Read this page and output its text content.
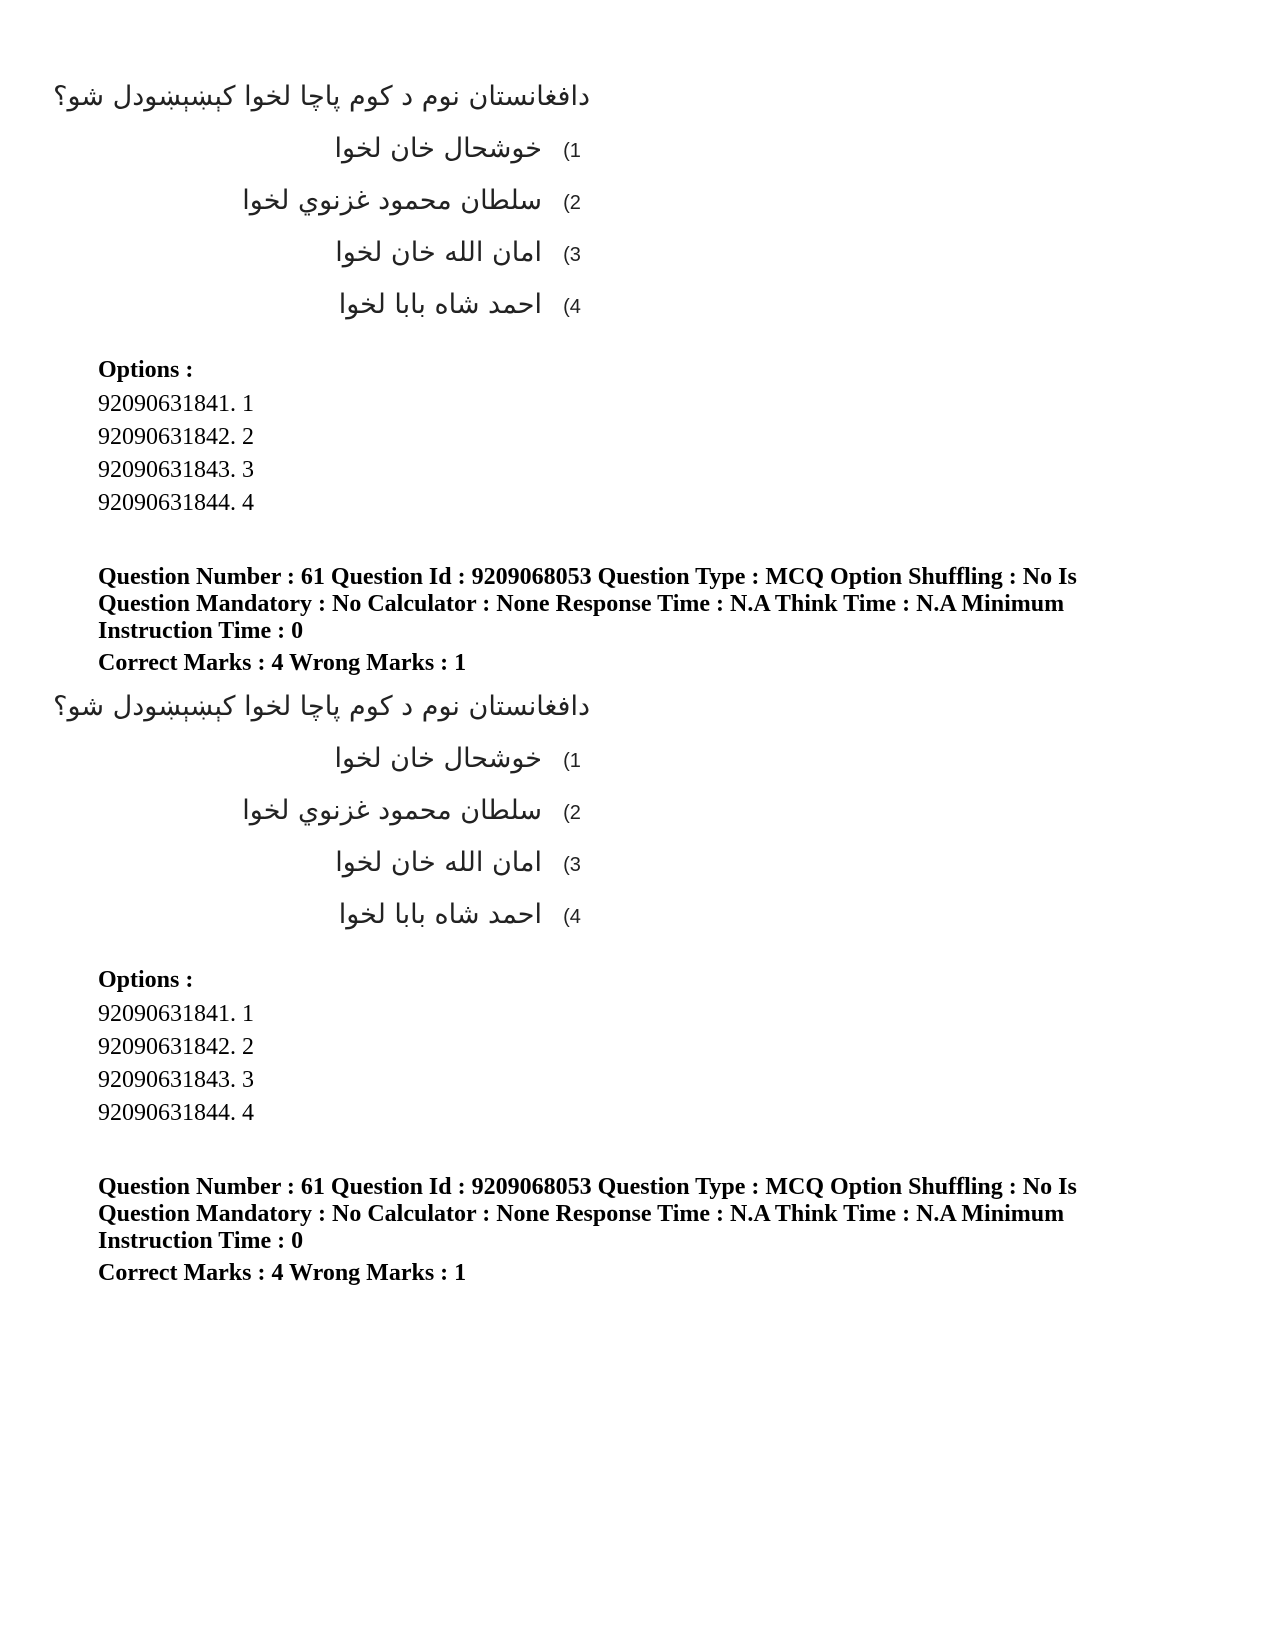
دافغانستان نوم د کوم پاچا لخوا کېښېښودل شو؟
(1خوشحال خان لخوا
(2سلطان محمود غزنوي لخوا
(3امان الله خان لخوا
(4احمد شاه بابا لخوا
Options :
92090631841. 1
92090631842. 2
92090631843. 3
92090631844. 4
Question Number : 61 Question Id : 9209068053 Question Type : MCQ Option Shuffling : No Is
Question Mandatory : No Calculator : None Response Time : N.A Think Time : N.A Minimum
Instruction Time : 0
Correct Marks : 4 Wrong Marks : 1
دافغانستان نوم د کوم پاچا لخوا کېښېښودل شو؟
(1خوشحال خان لخوا
(2سلطان محمود غزنوي لخوا
(3امان الله خان لخوا
(4احمد شاه بابا لخوا
Options :
92090631841. 1
92090631842. 2
92090631843. 3
92090631844. 4
Question Number : 61 Question Id : 9209068053 Question Type : MCQ Option Shuffling : No Is
Question Mandatory : No Calculator : None Response Time : N.A Think Time : N.A Minimum
Instruction Time : 0
Correct Marks : 4 Wrong Marks : 1
